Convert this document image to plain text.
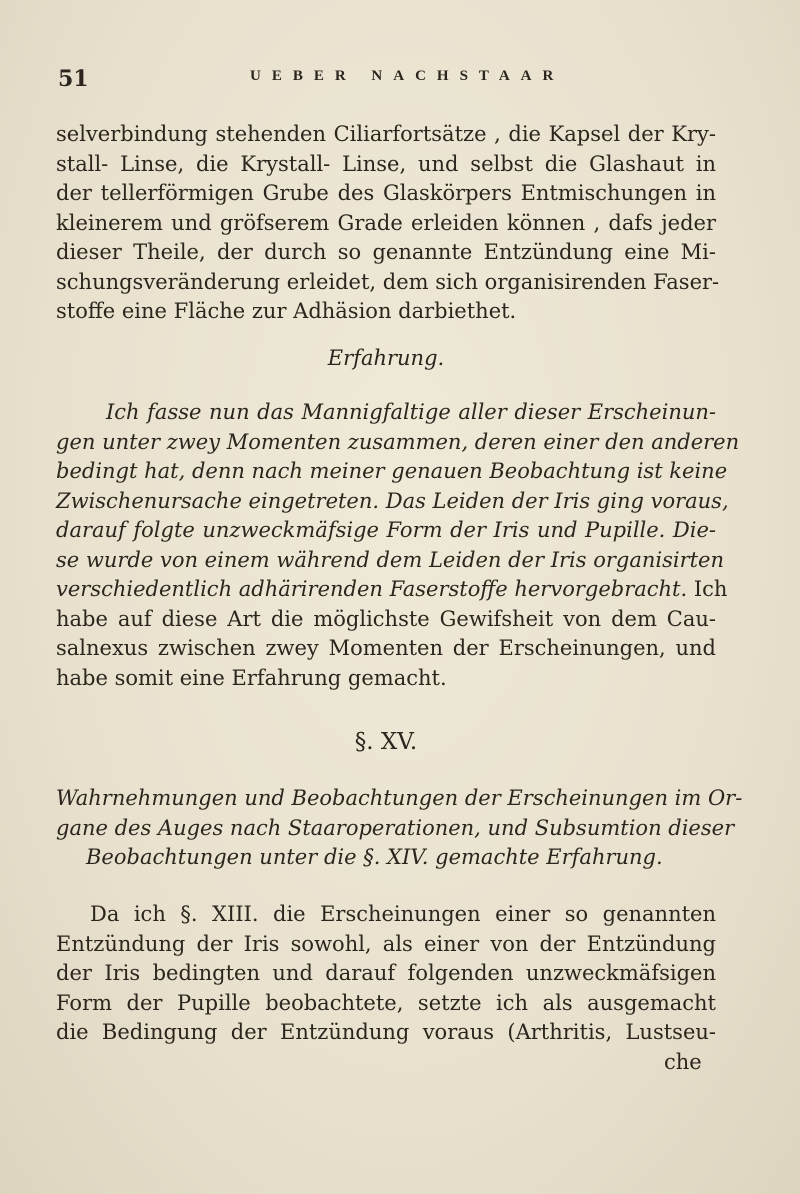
51	UEBER NACHSTAAR
selverbindung stehenden Ciliarfortsätze , die Kapsel der Kry-
stall- Linse, die Krystall- Linse, und selbst die Glashaut in
der tellerförmigen Grube des Glaskörpers Entmischungen in
kleinerem und gröfserem Grade erleiden können , dafs jeder
dieser Theile, der durch so genannte Entzündung eine Mi-
schungsveränderung erleidet, dem sich organisirenden Faser-
stoffe eine Fläche zur Adhäsion darbiethet.
Erfahrung.
Ich fasse nun das Mannigfaltige aller dieser Erscheinun-
gen unter zwey Momenten zusammen, deren einer den anderen
bedingt hat, denn nach meiner genauen Beobachtung ist keine
Zwischenursache eingetreten. Das Leiden der Iris ging voraus,
darauf folgte unzweckmäfsige Form der Iris und Pupille. Die-
se wurde von einem während dem Leiden der Iris organisirten
verschiedentlich adhärirenden Faserstoffe hervorgebracht. Ich
habe auf diese Art die möglichste Gewifsheit von dem Cau-
salnexus zwischen zwey Momenten der Erscheinungen, und
habe somit eine Erfahrung gemacht.
§. XV.
Wahrnehmungen und Beobachtungen der Erscheinungen im Or-
gane des Auges nach Staaroperationen, und Subsumtion dieser
Beobachtungen unter die §. XIV. gemachte Erfahrung.
Da ich §. XIII. die Erscheinungen einer so genannten
Entzündung der Iris sowohl, als einer von der Entzündung
der Iris bedingten und darauf folgenden unzweckmäfsigen
Form der Pupille beobachtete, setzte ich als ausgemacht
die Bedingung der Entzündung voraus (Arthritis, Lustseu-
che
